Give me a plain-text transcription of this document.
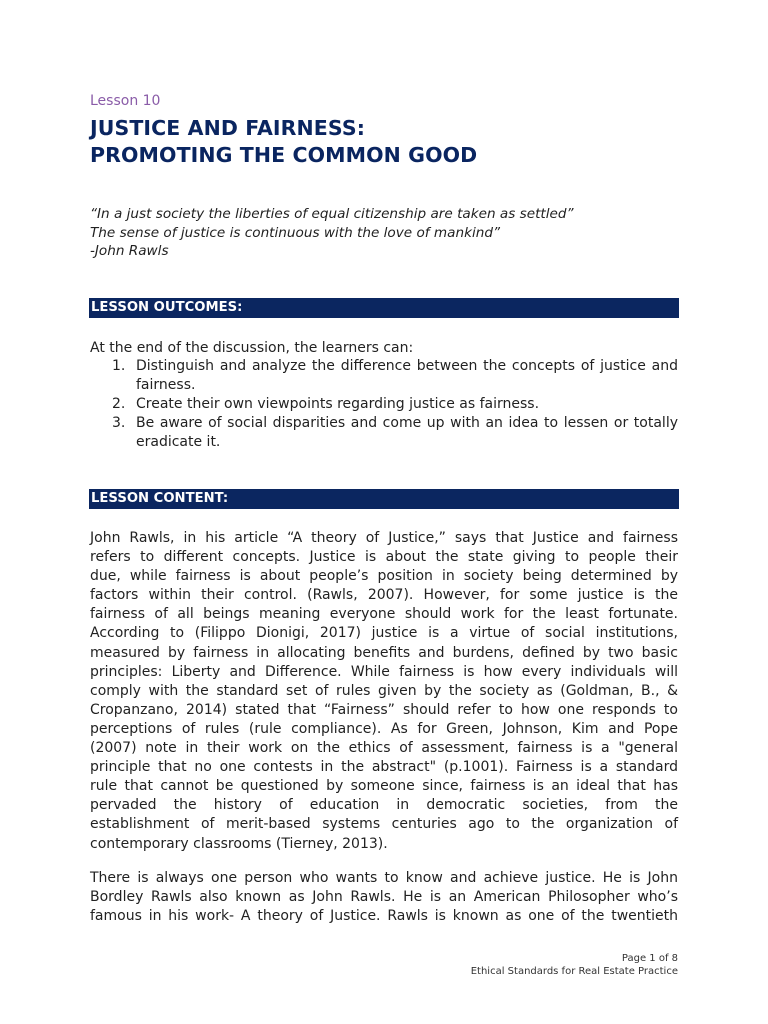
Lesson 10
JUSTICE AND FAIRNESS:
PROMOTING THE COMMON GOOD
“In a just society the liberties of equal citizenship are taken as settled”
The sense of justice is continuous with the love of mankind”
-John Rawls
LESSON OUTCOMES:
At the end of the discussion, the learners can:
1. Distinguish and analyze the difference between the concepts of justice and fairness.
2. Create their own viewpoints regarding justice as fairness.
3. Be aware of social disparities and come up with an idea to lessen or totally eradicate it.
LESSON CONTENT:
John Rawls, in his article “A theory of Justice,” says that Justice and fairness
refers to different concepts. Justice is about the state giving to people their
due, while fairness is about people’s position in society being determined by
factors within their control. (Rawls, 2007). However, for some justice is the
fairness of all beings meaning everyone should work for the least fortunate.
According to (Filippo Dionigi, 2017) justice is a virtue of social institutions,
measured by fairness in allocating benefits and burdens, defined by two basic
principles: Liberty and Difference. While fairness is how every individuals will
comply with the standard set of rules given by the society as (Goldman, B., &
Cropanzano, 2014) stated that “Fairness” should refer to how one responds to
perceptions of rules (rule compliance). As for Green, Johnson, Kim and Pope
(2007) note in their work on the ethics of assessment, fairness is a "general
principle that no one contests in the abstract" (p.1001). Fairness is a standard
rule that cannot be questioned by someone since, fairness is an ideal that has
pervaded the history of education in democratic societies, from the
establishment of merit-based systems centuries ago to the organization of
contemporary classrooms (Tierney, 2013).
There is always one person who wants to know and achieve justice. He is John
Bordley Rawls also known as John Rawls. He is an American Philosopher who’s
famous in his work- A theory of Justice. Rawls is known as one of the twentieth
Page 1 of 8
Ethical Standards for Real Estate Practice
